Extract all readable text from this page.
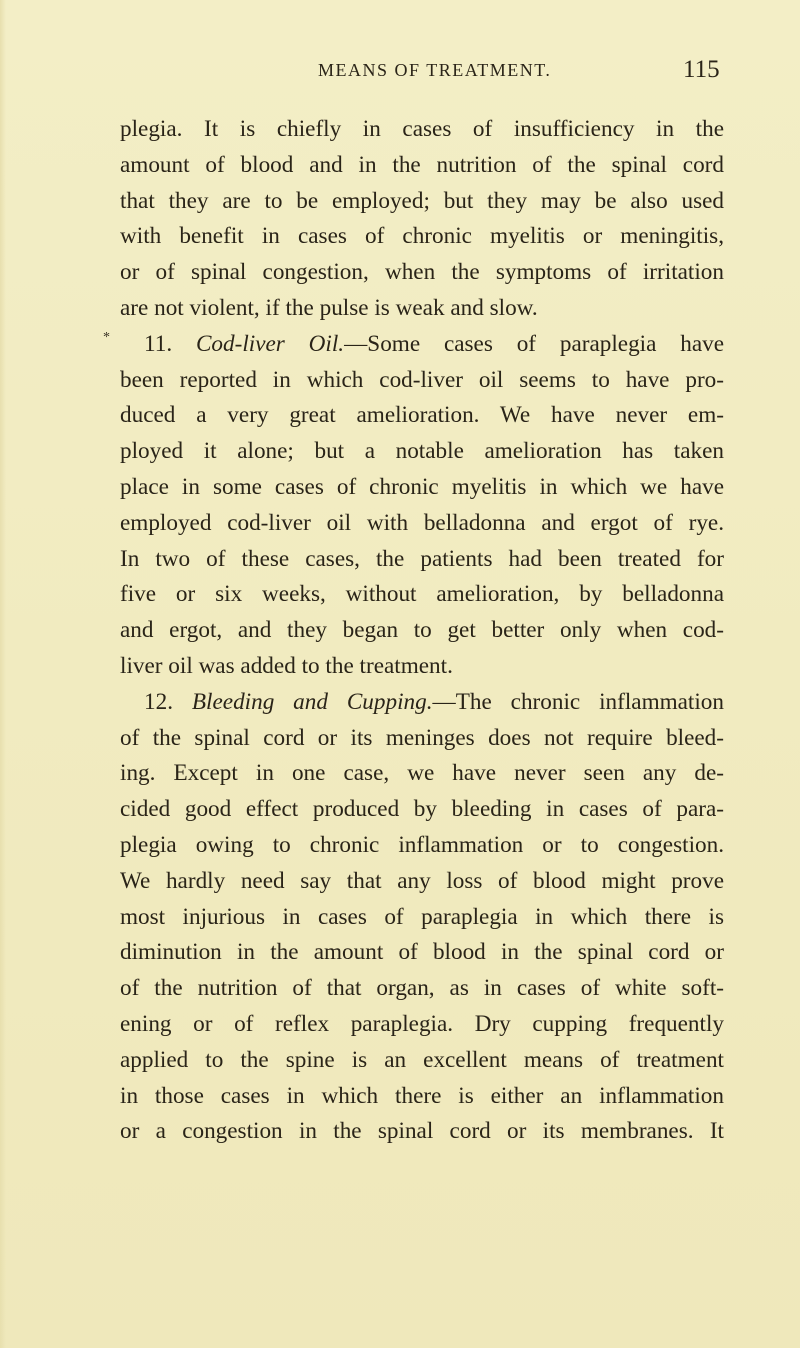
MEANS OF TREATMENT.	115
*
plegia. It is chiefly in cases of insufficiency in the
amount of blood and in the nutrition of the spinal cord
that they are to be employed; but they may be also used
with benefit in cases of chronic myelitis or meningitis,
or of spinal congestion, when the symptoms of irritation
are not violent, if the pulse is weak and slow.
11. Cod-liver Oil.—Some cases of paraplegia have
been reported in which cod-liver oil seems to have pro-
duced a very great amelioration. We have never em-
ployed it alone; but a notable amelioration has taken
place in some cases of chronic myelitis in which we have
employed cod-liver oil with belladonna and ergot of rye.
In two of these cases, the patients had been treated for
five or six weeks, without amelioration, by belladonna
and ergot, and they began to get better only when cod-
liver oil was added to the treatment.
12. Bleeding and Cupping.—The chronic inflammation
of the spinal cord or its meninges does not require bleed-
ing. Except in one case, we have never seen any de-
cided good effect produced by bleeding in cases of para-
plegia owing to chronic inflammation or to congestion.
We hardly need say that any loss of blood might prove
most injurious in cases of paraplegia in which there is
diminution in the amount of blood in the spinal cord or
of the nutrition of that organ, as in cases of white soft-
ening or of reflex paraplegia. Dry cupping frequently
applied to the spine is an excellent means of treatment
in those cases in which there is either an inflammation
or a congestion in the spinal cord or its membranes. It
